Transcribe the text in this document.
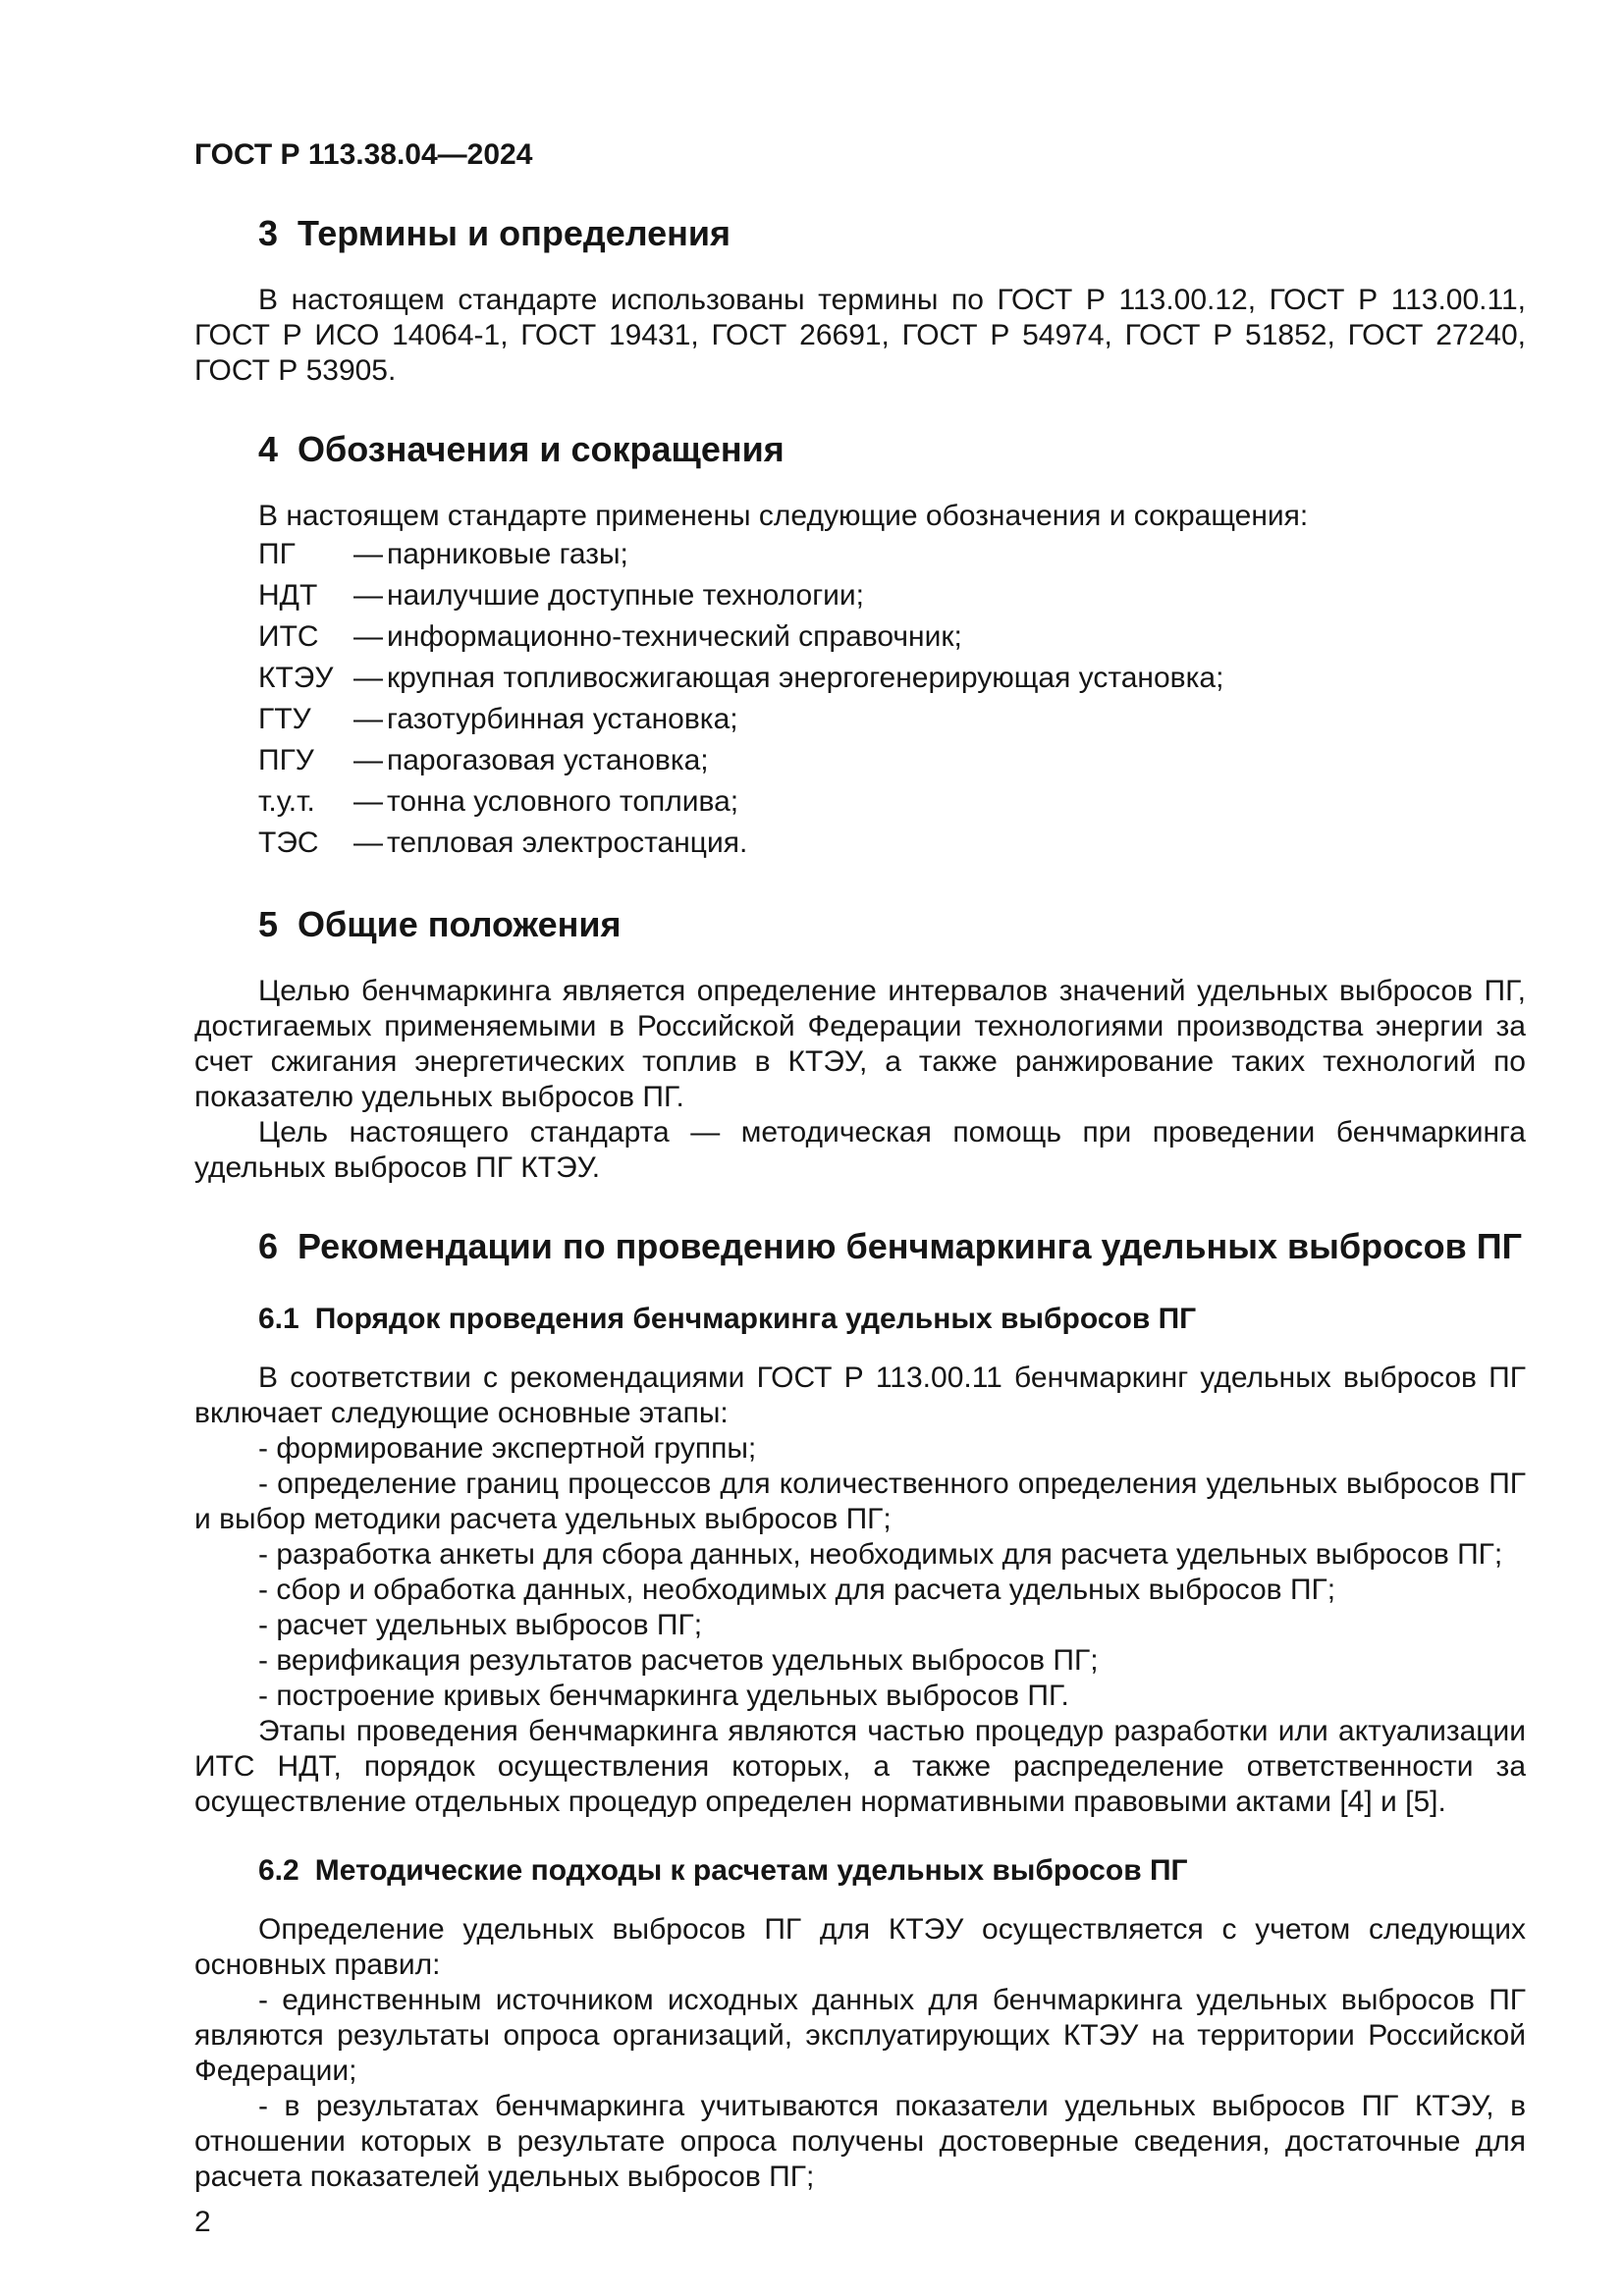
ГОСТ Р 113.38.04—2024

3 Термины и определения

В настоящем стандарте использованы термины по ГОСТ Р 113.00.12, ГОСТ Р 113.00.11, ГОСТ Р ИСО 14064-1, ГОСТ 19431, ГОСТ 26691, ГОСТ Р 54974, ГОСТ Р 51852, ГОСТ 27240, ГОСТ Р 53905.

4 Обозначения и сокращения

В настоящем стандарте применены следующие обозначения и сокращения:

ПГ	— парниковые газы;
НДТ	— наилучшие доступные технологии;
ИТС	— информационно-технический справочник;
КТЭУ — крупная топливосжигающая энергогенерирующая установка;
ГТУ	— газотурбинная установка;
ПГУ	— парогазовая установка;
т.у.т.	— тонна условного топлива;
ТЭС	— тепловая электростанция.
5 Общие положения

Целью бенчмаркинга является определение интервалов значений удельных выбросов ПГ, достигаемых применяемыми в Российской Федерации технологиями производства энергии за счет сжигания энергетических топлив в КТЭУ, а также ранжирование таких технологий по показателю удельных выбросов ПГ.

Цель настоящего стандарта — методическая помощь при проведении бенчмаркинга удельных выбросов ПГ КТЭУ.

6 Рекомендации по проведению бенчмаркинга удельных выбросов ПГ
6.1 Порядок проведения бенчмаркинга удельных выбросов ПГ

В соответствии с рекомендациями ГОСТ Р 113.00.11 бенчмаркинг удельных выбросов ПГ включает следующие основные этапы:

- формирование экспертной группы;

- определение границ процессов для количественного определения удельных выбросов ПГ и выбор методики расчета удельных выбросов ПГ;

- разработка анкеты для сбора данных, необходимых для расчета удельных выбросов ПГ;

- сбор и обработка данных, необходимых для расчета удельных выбросов ПГ;

- расчет удельных выбросов ПГ;

- верификация результатов расчетов удельных выбросов ПГ;

- построение кривых бенчмаркинга удельных выбросов ПГ.

Этапы проведения бенчмаркинга являются частью процедур разработки или актуализации ИТС НДТ, порядок осуществления которых, а также распределение ответственности за осуществление отдельных процедур определен нормативными правовыми актами [4] и [5].

6.2 Методические подходы к расчетам удельных выбросов ПГ

Определение удельных выбросов ПГ для КТЭУ осуществляется с учетом следующих основных правил:

- единственным источником исходных данных для бенчмаркинга удельных выбросов ПГ являются результаты опроса организаций, эксплуатирующих КТЭУ на территории Российской Федерации;

- в результатах бенчмаркинга учитываются показатели удельных выбросов ПГ КТЭУ, в отношении которых в результате опроса получены достоверные сведения, достаточные для расчета показателей удельных выбросов ПГ;

2
